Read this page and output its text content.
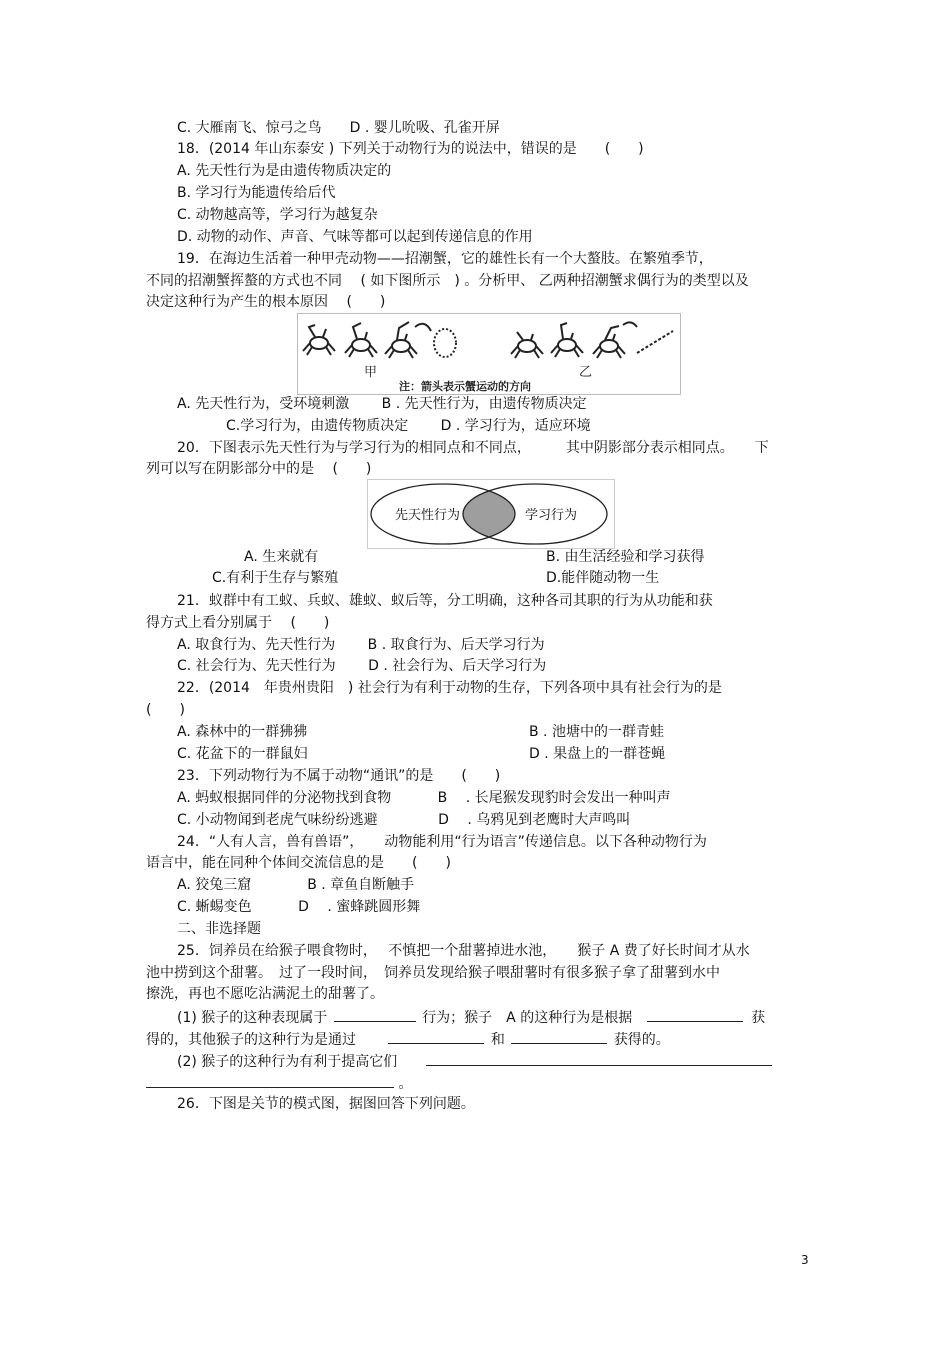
C. 大雁南飞、惊弓之鸟　　D . 婴儿吮吸、孔雀开屏
18．(2014 年山东泰安 ) 下列关于动物行为的说法中，错误的是　　(　　)
A. 先天性行为是由遗传物质决定的
B. 学习行为能遗传给后代
C. 动物越高等，学习行为越复杂
D. 动物的动作、声音、气味等都可以起到传递信息的作用
19．在海边生活着一种甲壳动物——招潮蟹，它的雄性长有一个大螯肢。在繁殖季节，
不同的招潮蟹挥螯的方式也不同　 ( 如下图所示　) 。分析甲、 乙两种招潮蟹求偶行为的类型以及
决定这种行为产生的根本原因　 (　　)
甲	乙
注：箭头表示蟹运动的方向
A. 先天性行为，受环境刺激　　 B . 先天性行为，由遗传物质决定
C.学习行为，由遗传物质决定　　 D . 学习行为，适应环境
20．下图表示先天性行为与学习行为的相同点和不同点，　　　其中阴影部分表示相同点。　　下
列可以写在阴影部分中的是　 (　　)
先天性行为	学习行为
A. 生来就有	B. 由生活经验和学习获得
C.有利于生存与繁殖	D.能伴随动物一生
21．蚁群中有工蚁、兵蚁、雄蚁、蚁后等，分工明确，这种各司其职的行为从功能和获
得方式上看分别属于　 (　　)
A. 取食行为、先天性行为　　 B . 取食行为、后天学习行为
C. 社会行为、先天性行为　　 D . 社会行为、后天学习行为
22．(2014　年贵州贵阳　) 社会行为有利于动物的生存，下列各项中具有社会行为的是
(　　)
A. 森林中的一群狒狒	B . 池塘中的一群青蛙
C. 花盆下的一群鼠妇	D . 果盘上的一群苍蝇
23．下列动物行为不属于动物“通讯”的是　　(　　)
A. 蚂蚁根据同伴的分泌物找到食物　　　 B　 . 长尾猴发现豹时会发出一种叫声
C. 小动物闻到老虎气味纷纷逃避　　　　 D　 . 乌鸦见到老鹰时大声鸣叫
24．“人有人言，兽有兽语”，　　动物能利用“行为语言”传递信息。以下各种动物行为
语言中，能在同种个体间交流信息的是　　(　　)
A. 狡兔三窟　　　　B . 章鱼自断触手
C. 蜥蜴变色　　　 D　 . 蜜蜂跳圆形舞
二、非选择题
25．饲养员在给猴子喂食物时，　 不慎把一个甜薯掉进水池，　　猴子 A 费了好长时间才从水
池中捞到这个甜薯。　过了一段时间，　饲养员发现给猴子喂甜薯时有很多猴子拿了甜薯到水中
擦洗，再也不愿吃沾满泥土的甜薯了。
(1) 猴子的这种表现属于	行为；猴子　A 的这种行为是根据	获
得的，其他猴子的这种行为是通过	和	获得的。
(2) 猴子的这种行为有利于提高它们
。
26．下图是关节的模式图，据图回答下列问题。
3
